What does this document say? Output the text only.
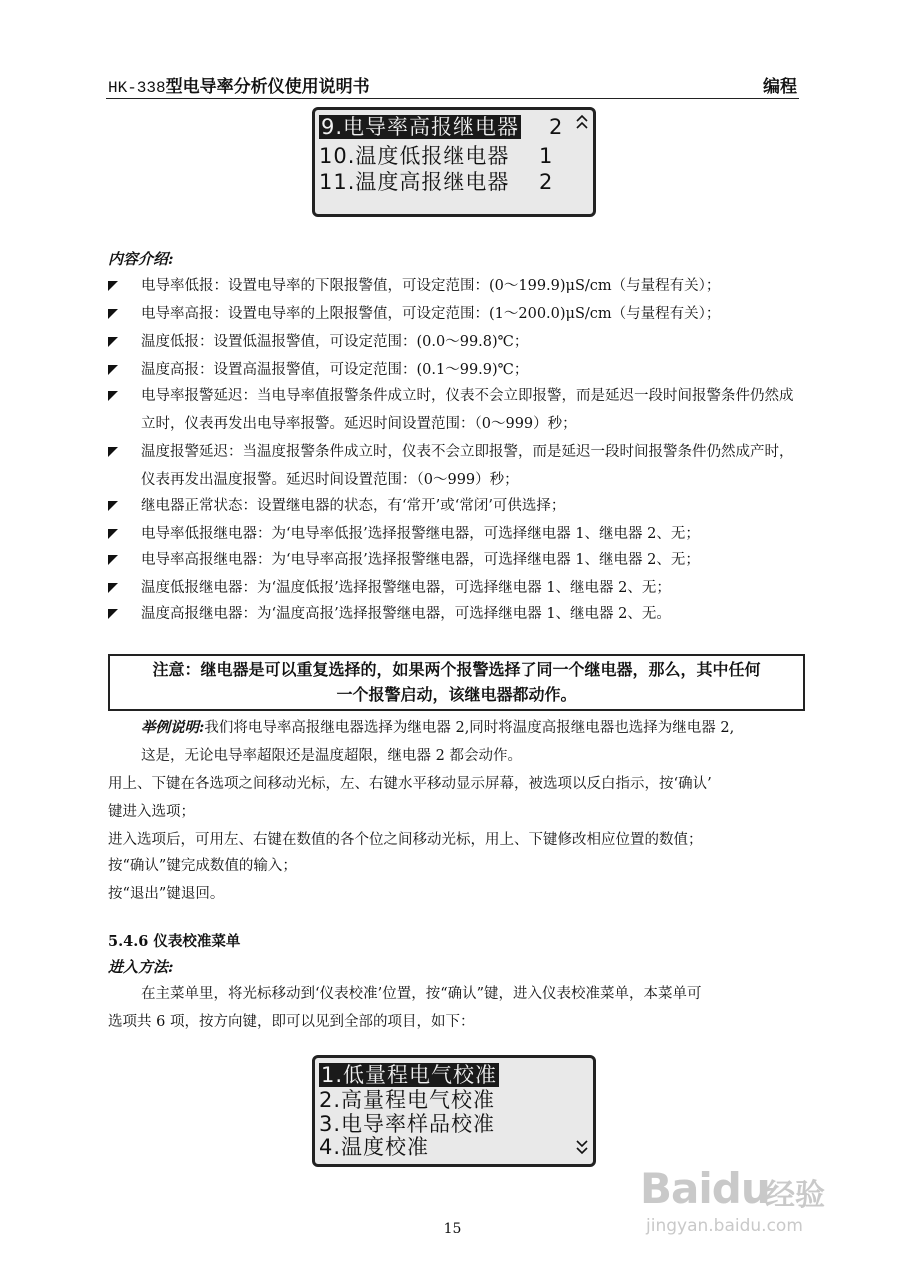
HK-338型电导率分析仪使用说明书	编程
9.电导率高报继电器 2
10.温度低报继电器 1
11.温度高报继电器 2
内容介绍:
电导率低报：设置电导率的下限报警值，可设定范围：(0～199.9)μS/cm（与量程有关）；
电导率高报：设置电导率的上限报警值，可设定范围：(1～200.0)μS/cm（与量程有关）；
温度低报：设置低温报警值，可设定范围：(0.0～99.8)℃；
温度高报：设置高温报警值，可设定范围：(0.1～99.9)℃；
电导率报警延迟：当电导率值报警条件成立时，仪表不会立即报警，而是延迟一段时间报警条件仍然成立时，仪表再发出电导率报警。延迟时间设置范围：（0～999）秒；
温度报警延迟：当温度报警条件成立时，仪表不会立即报警，而是延迟一段时间报警条件仍然成产时，仪表再发出温度报警。延迟时间设置范围：（0～999）秒；
继电器正常状态：设置继电器的状态，有‘常开’或‘常闭’可供选择；
电导率低报继电器：为‘电导率低报’选择报警继电器，可选择继电器 1、继电器 2、无；
电导率高报继电器：为‘电导率高报’选择报警继电器，可选择继电器 1、继电器 2、无；
温度低报继电器：为‘温度低报’选择报警继电器，可选择继电器 1、继电器 2、无；
温度高报继电器：为‘温度高报’选择报警继电器，可选择继电器 1、继电器 2、无。
注意：继电器是可以重复选择的，如果两个报警选择了同一个继电器，那么，其中任何
一个报警启动，该继电器都动作。
举例说明:我们将电导率高报继电器选择为继电器 2,同时将温度高报继电器也选择为继电器 2,
这是，无论电导率超限还是温度超限，继电器 2 都会动作。
用上、下键在各选项之间移动光标，左、右键水平移动显示屏幕，被选项以反白指示，按‘确认’
键进入选项；
进入选项后，可用左、右键在数值的各个位之间移动光标，用上、下键修改相应位置的数值；
按“确认”键完成数值的输入；
按“退出”键退回。
5.4.6 仪表校准菜单
进入方法:
在主菜单里，将光标移动到‘仪表校准’位置，按“确认”键，进入仪表校准菜单，本菜单可
选项共 6 项，按方向键，即可以见到全部的项目，如下：
1.低量程电气校准
2.高量程电气校准
3.电导率样品校准
4.温度校准
15
Baidu
经验
jingyan.baidu.com
